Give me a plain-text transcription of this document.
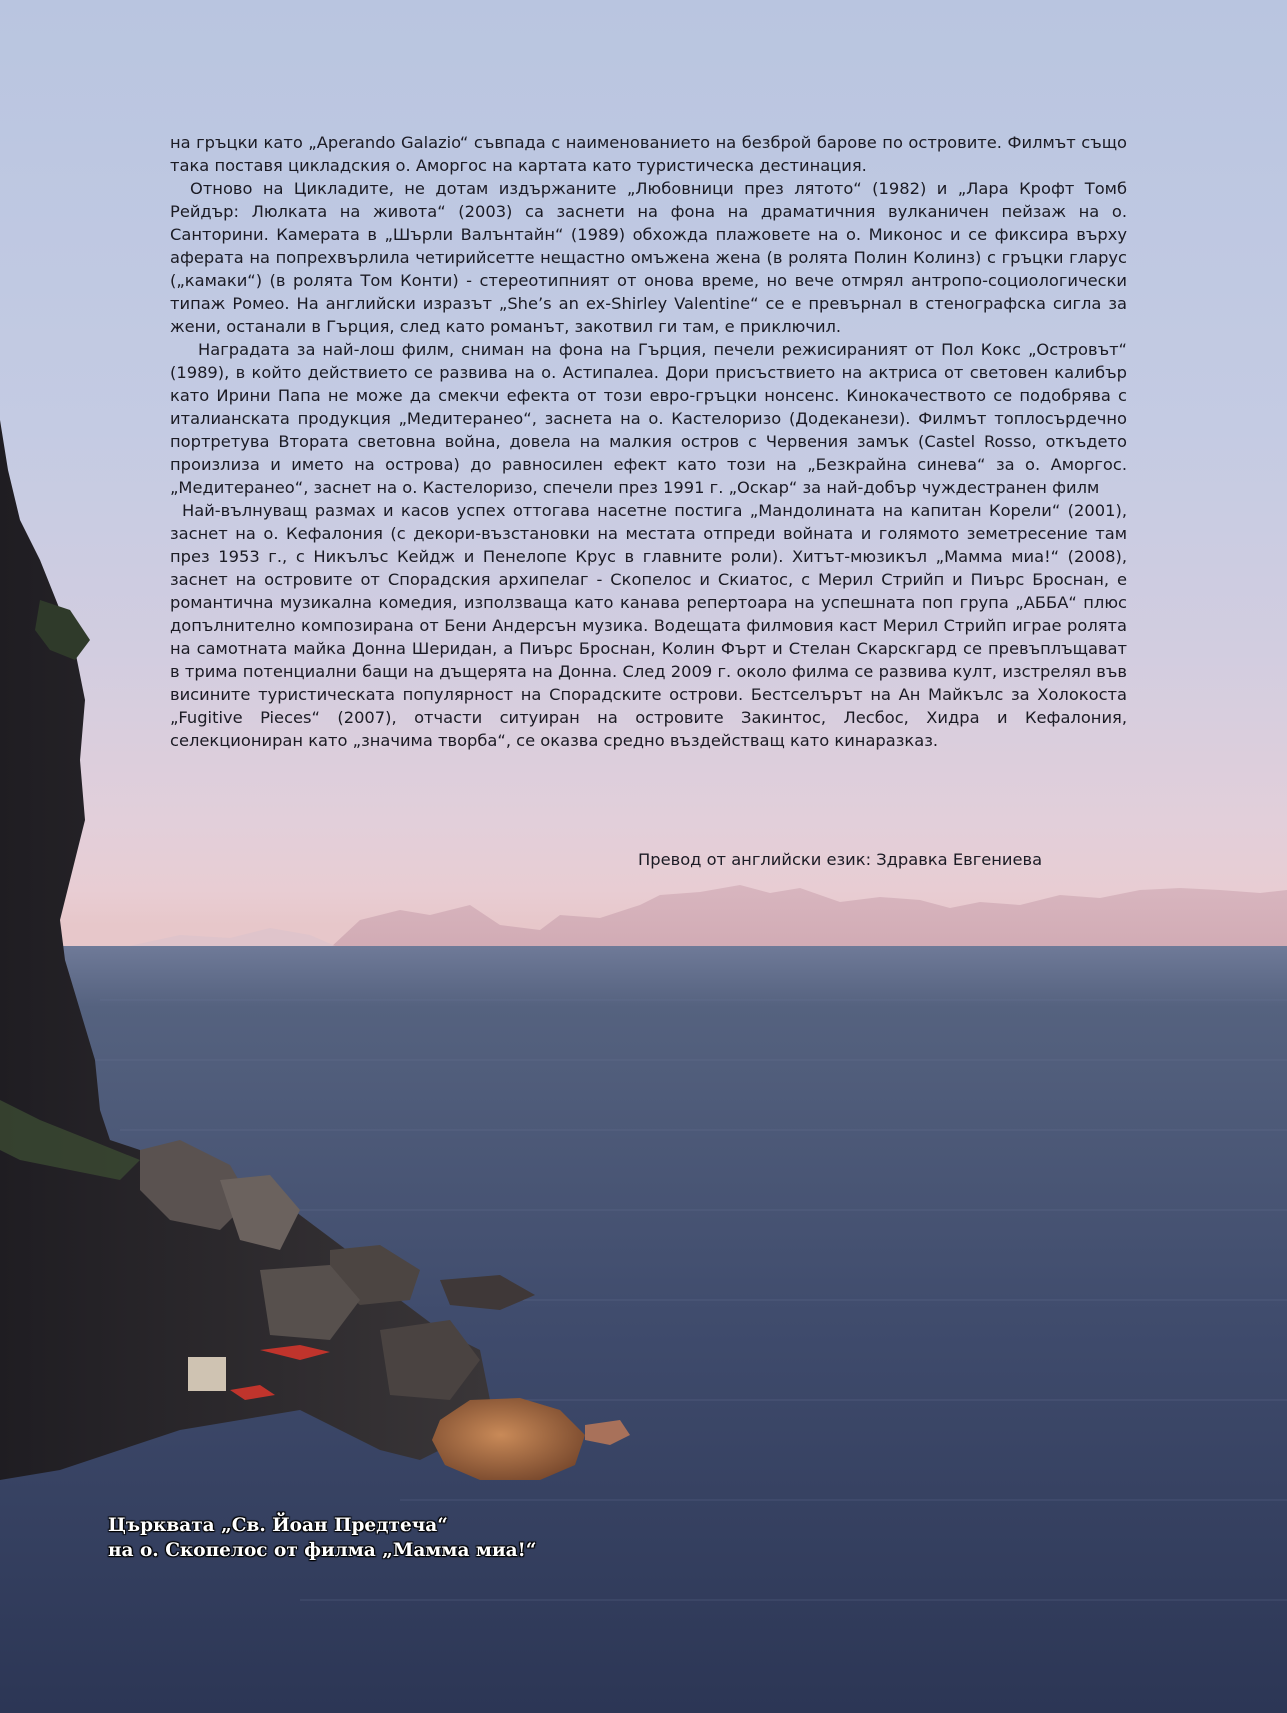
на гръцки като „Aperando Galazio“ съвпада с наименованието на безброй барове по островите. Филмът също така поставя цикладския о. Аморгос на картата като туристическа дестинация.

Отново на Цикладите, не дотам издържаните „Любовници през лятото“ (1982) и „Лара Крофт Томб Рейдър: Люлката на живота“ (2003) са заснети на фона на драматичния вулканичен пейзаж на о. Санторини. Камерата в „Шърли Валънтайн“ (1989) обхожда плажовете на о. Миконос и се фиксира върху аферата на попрехвърлила четирийсетте нещастно омъжена жена (в ролята Полин Колинз) с гръцки гларус („камаки“) (в ролята Том Конти) - стереотипният от онова време, но вече отмрял антропо-социологически типаж Ромео. На английски изразът „She’s an ex-Shirley Valentine“ се е превърнал в стенографска сигла за жени, останали в Гърция, след като романът, закотвил ги там, е приключил.

Наградата за най-лош филм, сниман на фона на Гърция, печели режисираният от Пол Кокс „Островът“ (1989), в който действието се развива на о. Астипалеа. Дори присъствието на актриса от световен калибър като Ирини Папа не може да смекчи ефекта от този евро-гръцки нонсенс. Кинокачеството се подобрява с италианската продукция „Медитеранео“, заснета на о. Кастелоризо (Додеканези). Филмът топлосърдечно портретува Втората световна война, довела на малкия остров с Червения замък (Castel Rosso, откъдето произлиза и името на острова) до равносилен ефект като този на „Безкрайна синева“ за о. Аморгос. „Медитеранео“, заснет на о. Кастелоризо, спечели през 1991 г. „Оскар“ за най-добър чуждестранен филм

Най-вълнуващ размах и касов успех оттогава насетне постига „Мандолината на капитан Корели“ (2001), заснет на о. Кефалония (с декори-възстановки на местата отпреди войната и голямото земетресение там през 1953 г., с Никълъс Кейдж и Пенелопе Крус в главните роли). Хитът-мюзикъл „Мамма миа!“ (2008), заснет на островите от Спорадския архипелаг - Скопелос и Скиатос, с Мерил Стрийп и Пиърс Броснан, е романтична музикална комедия, използваща като канава репертоара на успешната поп група „АББА“ плюс допълнително композирана от Бени Андерсън музика. Водещата филмовия каст Мерил Стрийп играе ролята на самотната майка Донна Шеридан, а Пиърс Броснан, Колин Фърт и Стелан Скарскгард се превъплъщават в трима потенциални бащи на дъщерята на Донна. След 2009 г. около филма се развива култ, изстрелял във висините туристическата популярност на Спорадските острови. Бестселърът на Ан Майкълс за Холокоста „Fugitive Pieces“ (2007), отчасти ситуиран на островите Закинтос, Лесбос, Хидра и Кефалония, селекциониран като „значима творба“, се оказва средно въздействащ като кинаразказ.

Превод от английски език: Здравка Евгениева
Църквата „Св. Йоан Предтеча“
на о. Скопелос от филма „Мамма миа!“
